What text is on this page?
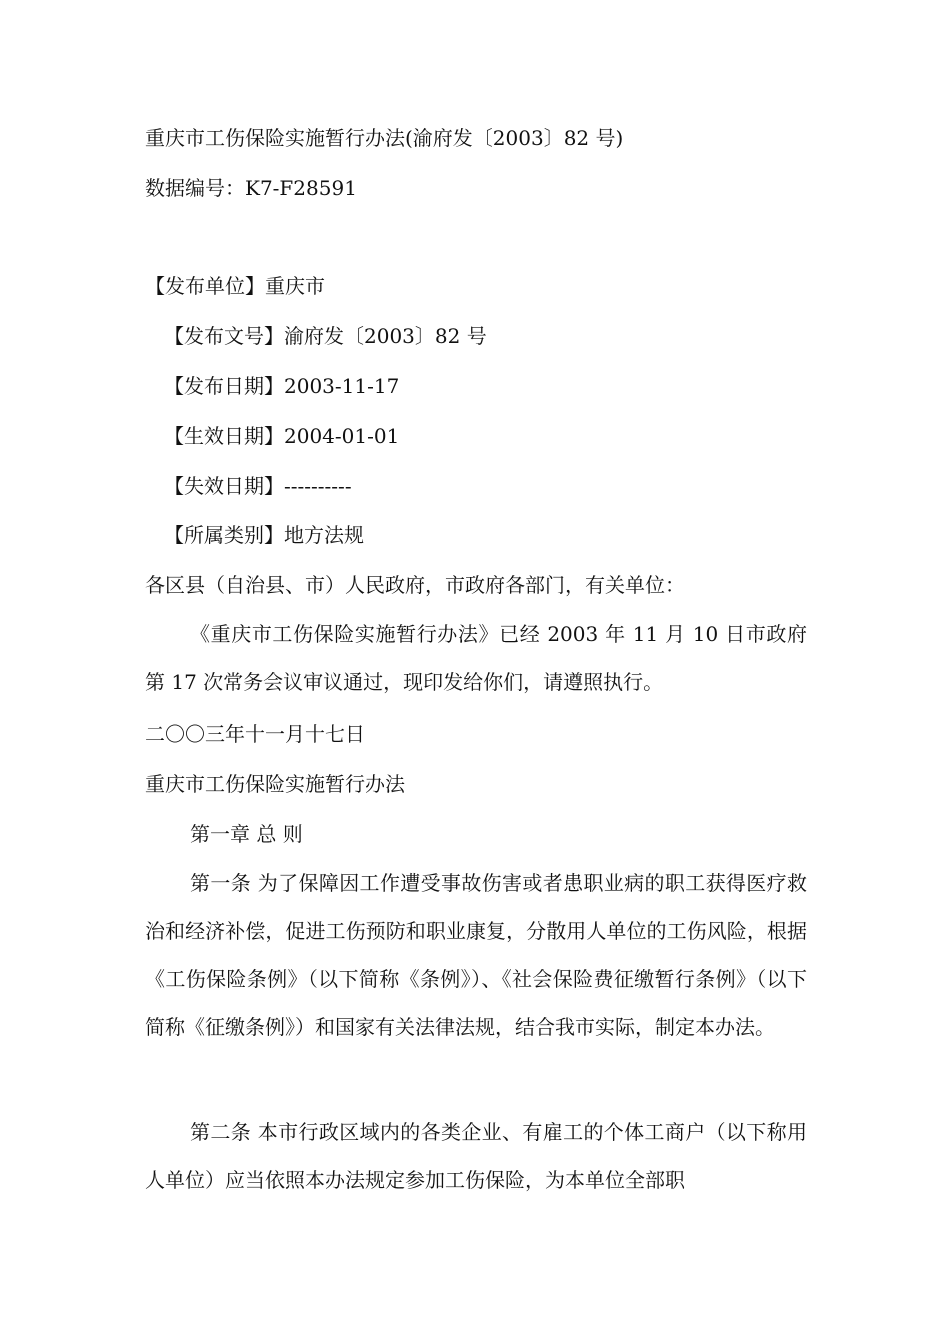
重庆市工伤保险实施暂行办法(渝府发〔2003〕82 号)
数据编号：K7-F28591
【发布单位】重庆市
【发布文号】渝府发〔2003〕82 号
【发布日期】2003-11-17
【生效日期】2004-01-01
【失效日期】----------
【所属类别】地方法规
各区县（自治县、市）人民政府，市政府各部门，有关单位：
《重庆市工伤保险实施暂行办法》已经 2003 年 11 月 10 日市政府第 17 次常务会议审议通过，现印发给你们，请遵照执行。
二〇〇三年十一月十七日
重庆市工伤保险实施暂行办法
第一章 总 则
第一条 为了保障因工作遭受事故伤害或者患职业病的职工获得医疗救治和经济补偿，促进工伤预防和职业康复，分散用人单位的工伤风险，根据《工伤保险条例》（以下简称《条例》）、《社会保险费征缴暂行条例》（以下简称《征缴条例》）和国家有关法律法规，结合我市实际，制定本办法。
第二条 本市行政区域内的各类企业、有雇工的个体工商户（以下称用人单位）应当依照本办法规定参加工伤保险，为本单位全部职
